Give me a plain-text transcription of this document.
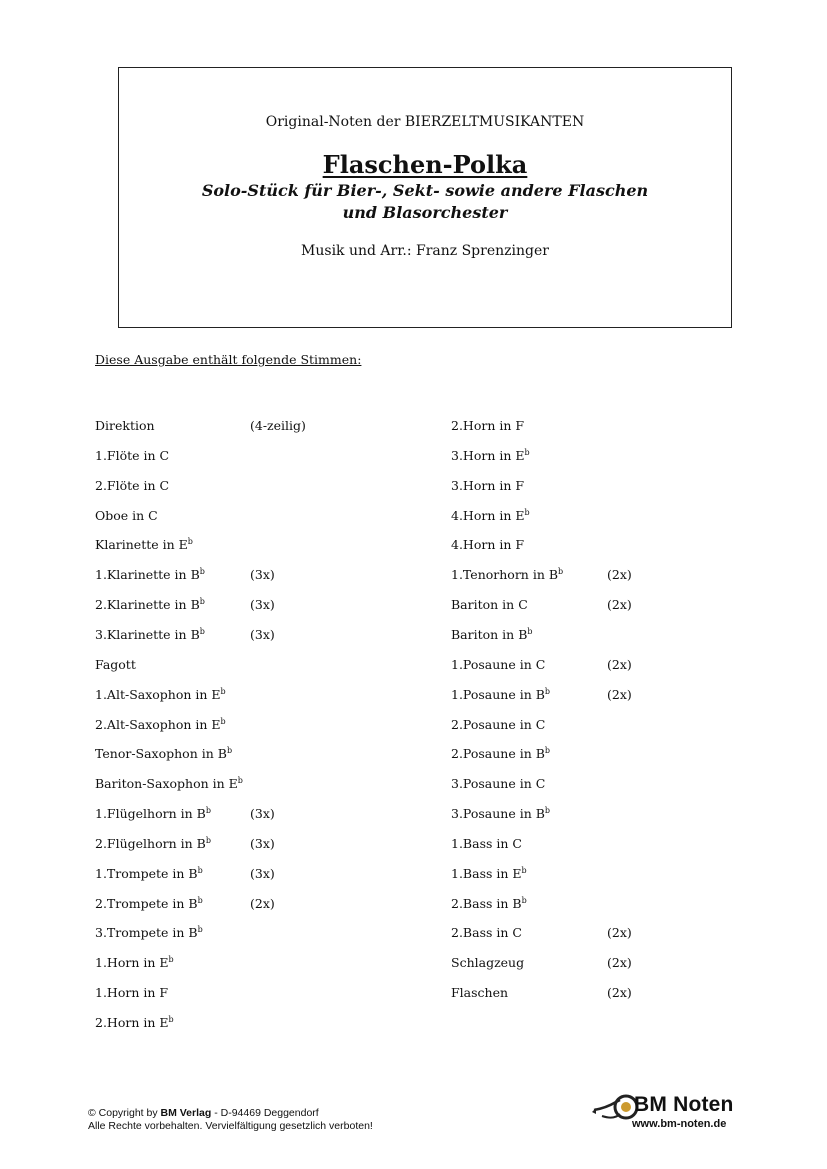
Original-Noten der BIERZELTMUSIKANTEN
Flaschen-Polka
Solo-Stück für Bier-, Sekt- sowie andere Flaschen
und Blasorchester
Musik und Arr.: Franz Sprenzinger
Diese Ausgabe enthält folgende Stimmen:
Direktion	(4-zeilig)
1.Flöte in C
2.Flöte in C
Oboe in C
Klarinette in $E^b$
1.Klarinette in $B^b$	(3x)
2.Klarinette in $B^b$	(3x)
3.Klarinette in $B^b$	(3x)
Fagott
1.Alt-Saxophon in $E^b$
2.Alt-Saxophon in $E^b$
Tenor-Saxophon in $B^b$
Bariton-Saxophon in $E^b$
1.Flügelhorn in $B^b$	(3x)
2.Flügelhorn in $B^b$	(3x)
1.Trompete in $B^b$	(3x)
2.Trompete in $B^b$	(2x)
3.Trompete in $B^b$
1.Horn in $E^b$
1.Horn in F
2.Horn in $E^b$
2.Horn in F
3.Horn in $E^b$
3.Horn in F
4.Horn in $E^b$
4.Horn in F
1.Tenorhorn in $B^b$	(2x)
Bariton in C	(2x)
Bariton in $B^b$
1.Posaune in C	(2x)
1.Posaune in $B^b$	(2x)
2.Posaune in C
2.Posaune in $B^b$
3.Posaune in C
3.Posaune in $B^b$
1.Bass in C
1.Bass in $E^b$
2.Bass in $B^b$
2.Bass in C	(2x)
Schlagzeug	(2x)
Flaschen	(2x)
© Copyright by BM Verlag - D-94469 Deggendorf
Alle Rechte vorbehalten. Vervielfältigung gesetzlich verboten!
BM Noten
www.bm-noten.de
